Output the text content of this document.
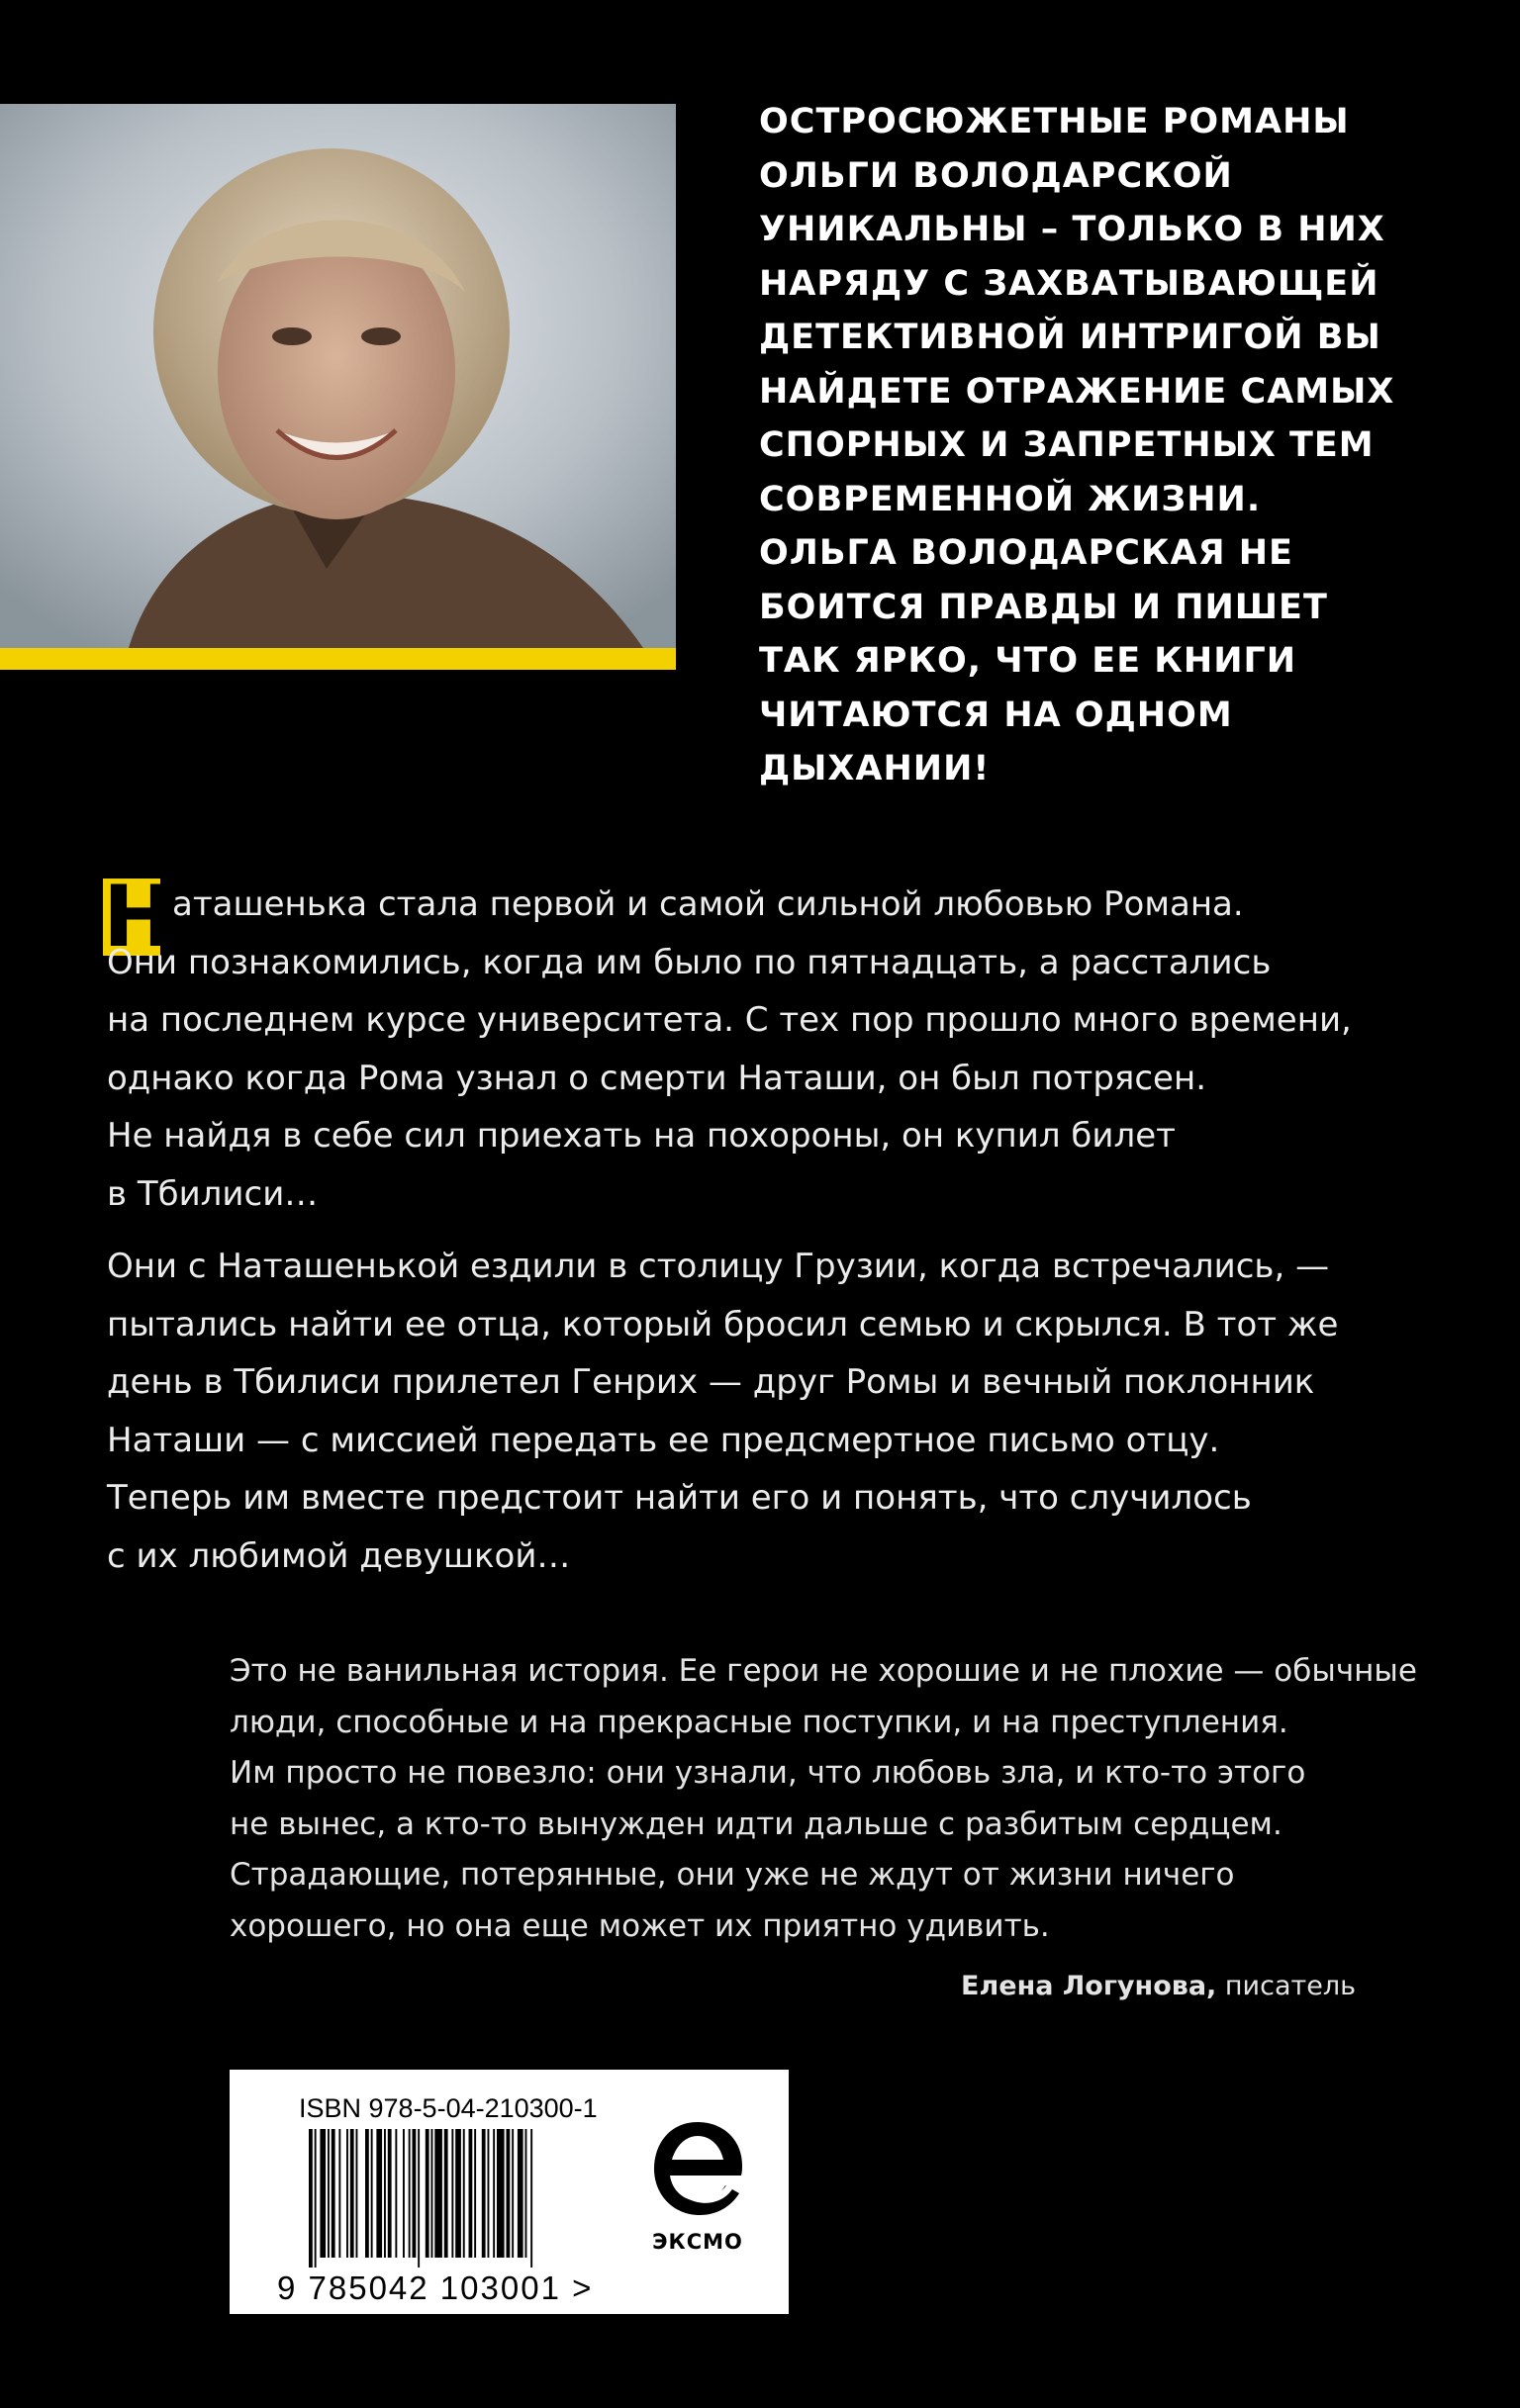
ОСТРОСЮЖЕТНЫЕ РОМАНЫ
ОЛЬГИ ВОЛОДАРСКОЙ
УНИКАЛЬНЫ – ТОЛЬКО В НИХ
НАРЯДУ С ЗАХВАТЫВАЮЩЕЙ
ДЕТЕКТИВНОЙ ИНТРИГОЙ ВЫ
НАЙДЕТЕ ОТРАЖЕНИЕ САМЫХ
СПОРНЫХ И ЗАПРЕТНЫХ ТЕМ
СОВРЕМЕННОЙ ЖИЗНИ.
ОЛЬГА ВОЛОДАРСКАЯ НЕ
БОИТСЯ ПРАВДЫ И ПИШЕТ
ТАК ЯРКО, ЧТО ЕЕ КНИГИ
ЧИТАЮТСЯ НА ОДНОМ
ДЫХАНИИ!
Н
аташенька стала первой и самой сильной любовью Романа.
Они познакомились, когда им было по пятнадцать, а расстались
на последнем курсе университета. С тех пор прошло много времени,
однако когда Рома узнал о смерти Наташи, он был потрясен.
Не найдя в себе сил приехать на похороны, он купил билет
в Тбилиси…
Они с Наташенькой ездили в столицу Грузии, когда встречались, —
пытались найти ее отца, который бросил семью и скрылся. В тот же
день в Тбилиси прилетел Генрих — друг Ромы и вечный поклонник
Наташи — с миссией передать ее предсмертное письмо отцу.
Теперь им вместе предстоит найти его и понять, что случилось
с их любимой девушкой…
Это не ванильная история. Ее герои не хорошие и не плохие — обычные
люди, способные и на прекрасные поступки, и на преступления.
Им просто не повезло: они узнали, что любовь зла, и кто-то этого
не вынес, а кто-то вынужден идти дальше с разбитым сердцем.
Страдающие, потерянные, они уже не ждут от жизни ничего
хорошего, но она еще может их приятно удивить.
Елена Логунова, писатель
ISBN 978-5-04-210300-1
9 785042 103001 >
ЭКСМО
